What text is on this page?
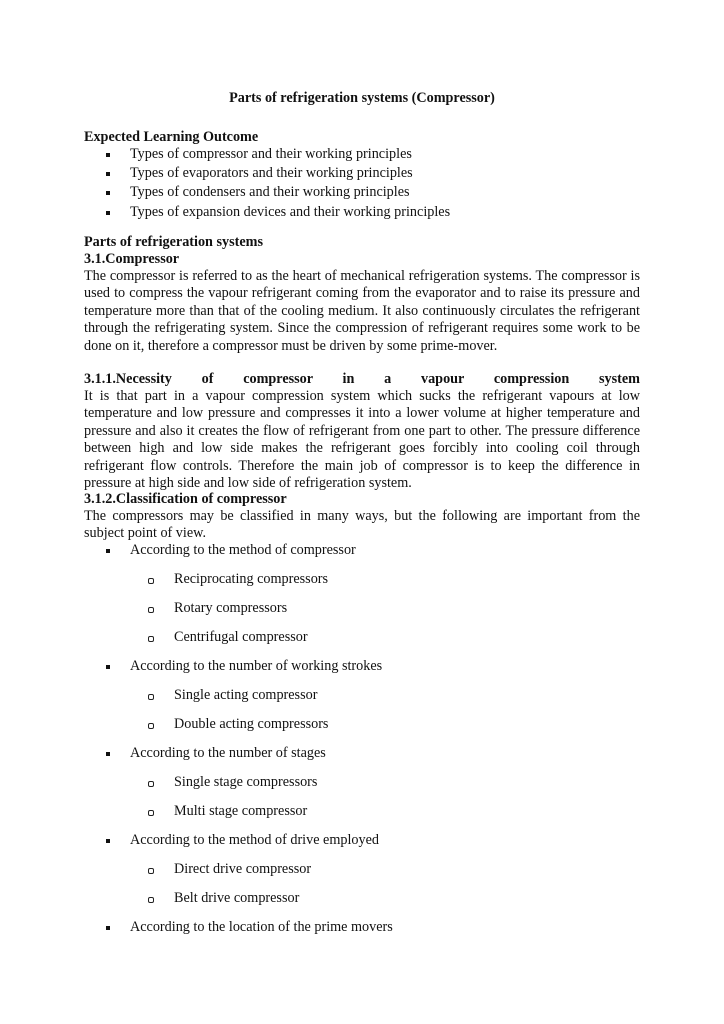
Parts of refrigeration systems (Compressor)
Expected Learning Outcome
Types of compressor and their working principles
Types of evaporators and their working principles
Types of condensers and their working principles
Types of expansion devices and their working principles
Parts of refrigeration systems
3.1.Compressor
The compressor is referred to as the heart of mechanical refrigeration systems. The compressor is used to compress the vapour refrigerant coming from the evaporator and to raise its pressure and temperature more than that of the cooling medium. It also continuously circulates the refrigerant through the refrigerating system. Since the compression of refrigerant requires some work to be done on it, therefore a compressor must be driven by some prime-mover.
3.1.1.Necessity of compressor in a vapour compression system
It is that part in a vapour compression system which sucks the refrigerant vapours at low temperature and low pressure and compresses it into a lower volume at higher temperature and pressure and also it creates the flow of refrigerant from one part to other. The pressure difference between high and low side makes the refrigerant goes forcibly into cooling coil through refrigerant flow controls. Therefore the main job of compressor is to keep the difference in pressure at high side and low side of refrigeration system.
3.1.2.Classification of compressor
The compressors may be classified in many ways, but the following are important from the subject point of view.
According to the method of compressor
Reciprocating compressors
Rotary compressors
Centrifugal compressor
According to the number of working strokes
Single acting compressor
Double acting compressors
According to the number of stages
Single stage compressors
Multi stage compressor
According to the method of drive employed
Direct drive compressor
Belt drive compressor
According to the location of the prime movers
